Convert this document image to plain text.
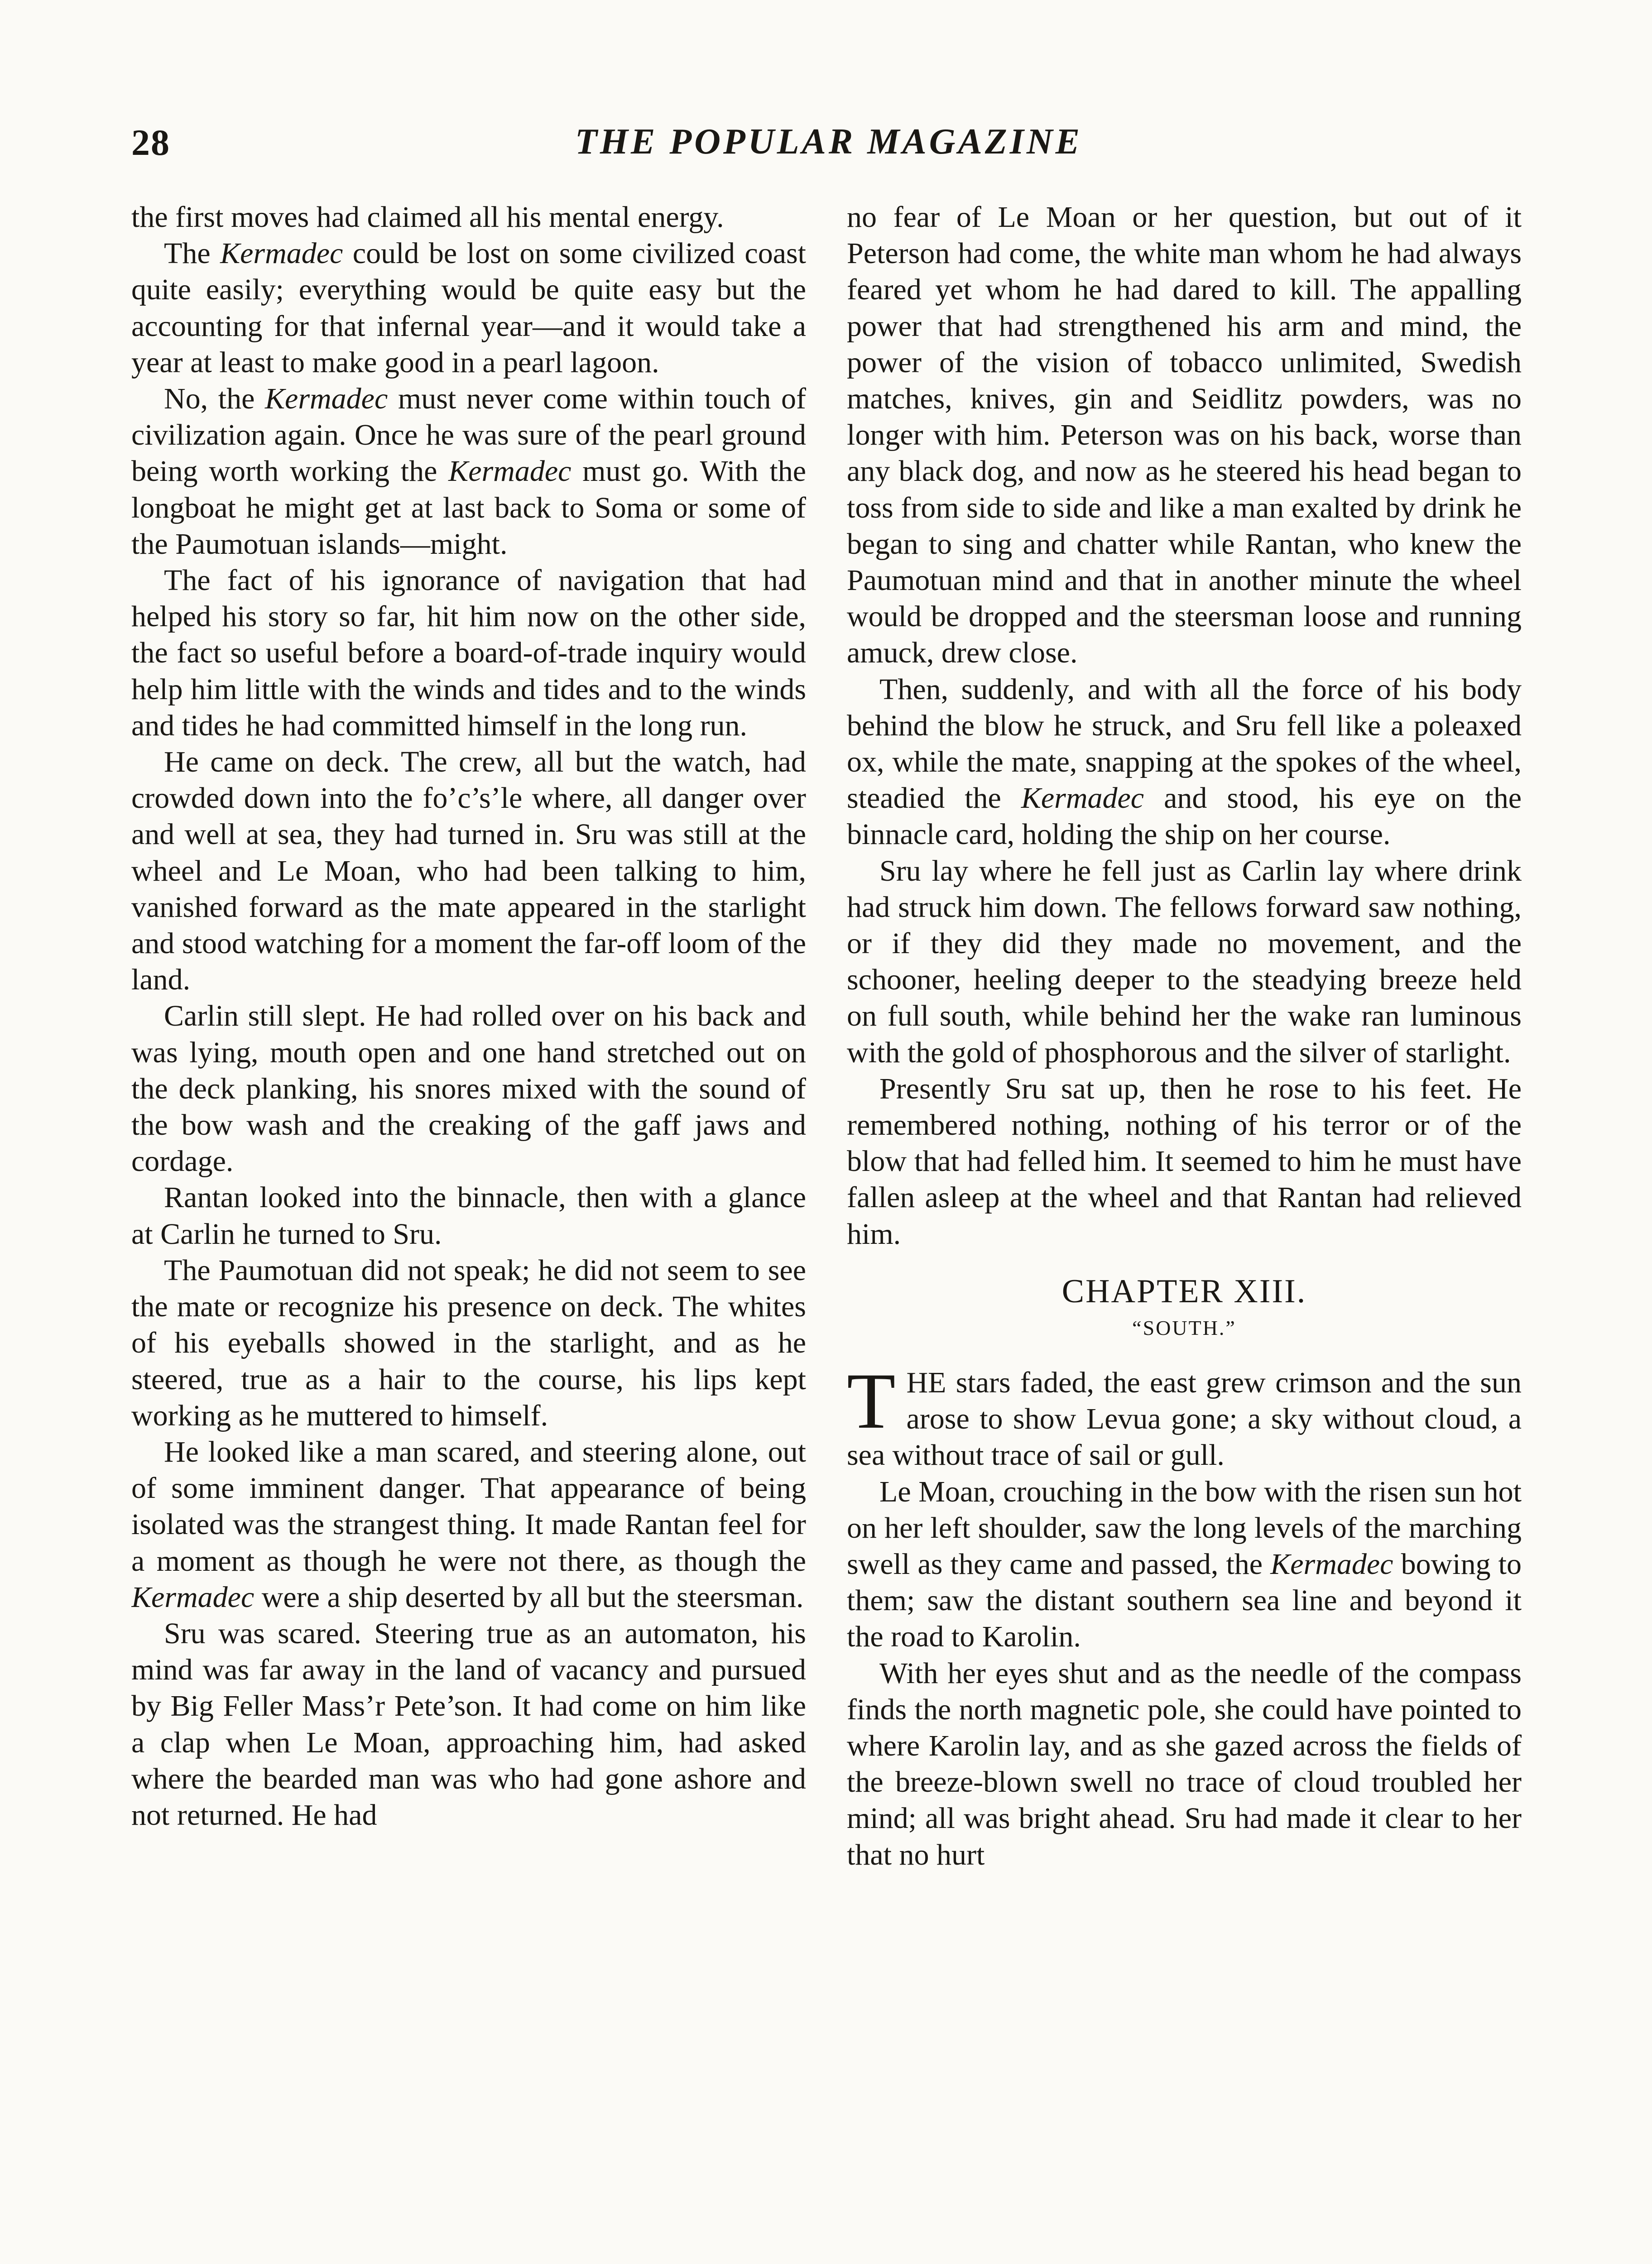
28	THE POPULAR MAGAZINE

the first moves had claimed all his mental energy.

The Kermadec could be lost on some civilized coast quite easily; everything would be quite easy but the accounting for that infernal year—and it would take a year at least to make good in a pearl lagoon.

No, the Kermadec must never come within touch of civilization again. Once he was sure of the pearl ground being worth working the Kermadec must go. With the longboat he might get at last back to Soma or some of the Paumotuan islands—might.

The fact of his ignorance of navigation that had helped his story so far, hit him now on the other side, the fact so useful before a board-of-trade inquiry would help him little with the winds and tides and to the winds and tides he had committed himself in the long run.

He came on deck. The crew, all but the watch, had crowded down into the fo’c’s’le where, all danger over and well at sea, they had turned in. Sru was still at the wheel and Le Moan, who had been talking to him, vanished forward as the mate appeared in the starlight and stood watching for a moment the far-off loom of the land.

Carlin still slept. He had rolled over on his back and was lying, mouth open and one hand stretched out on the deck planking, his snores mixed with the sound of the bow wash and the creaking of the gaff jaws and cordage.

Rantan looked into the binnacle, then with a glance at Carlin he turned to Sru.

The Paumotuan did not speak; he did not seem to see the mate or recognize his presence on deck. The whites of his eyeballs showed in the starlight, and as he steered, true as a hair to the course, his lips kept working as he muttered to himself.

He looked like a man scared, and steering alone, out of some imminent danger. That appearance of being isolated was the strangest thing. It made Rantan feel for a moment as though he were not there, as though the Kermadec were a ship deserted by all but the steersman.

Sru was scared. Steering true as an automaton, his mind was far away in the land of vacancy and pursued by Big Feller Mass’r Pete’son. It had come on him like a clap when Le Moan, approaching him, had asked where the bearded man was who had gone ashore and not returned. He had

no fear of Le Moan or her question, but out of it Peterson had come, the white man whom he had always feared yet whom he had dared to kill. The appalling power that had strengthened his arm and mind, the power of the vision of tobacco unlimited, Swedish matches, knives, gin and Seidlitz powders, was no longer with him. Peterson was on his back, worse than any black dog, and now as he steered his head began to toss from side to side and like a man exalted by drink he began to sing and chatter while Rantan, who knew the Paumotuan mind and that in another minute the wheel would be dropped and the steersman loose and running amuck, drew close.

Then, suddenly, and with all the force of his body behind the blow he struck, and Sru fell like a poleaxed ox, while the mate, snapping at the spokes of the wheel, steadied the Kermadec and stood, his eye on the binnacle card, holding the ship on her course.

Sru lay where he fell just as Carlin lay where drink had struck him down. The fellows forward saw nothing, or if they did they made no movement, and the schooner, heeling deeper to the steadying breeze held on full south, while behind her the wake ran luminous with the gold of phosphorous and the silver of starlight.

Presently Sru sat up, then he rose to his feet. He remembered nothing, nothing of his terror or of the blow that had felled him. It seemed to him he must have fallen asleep at the wheel and that Rantan had relieved him.

CHAPTER XIII.
“SOUTH.”

THE stars faded, the east grew crimson and the sun arose to show Levua gone; a sky without cloud, a sea without trace of sail or gull.

Le Moan, crouching in the bow with the risen sun hot on her left shoulder, saw the long levels of the marching swell as they came and passed, the Kermadec bowing to them; saw the distant southern sea line and beyond it the road to Karolin.

With her eyes shut and as the needle of the compass finds the north magnetic pole, she could have pointed to where Karolin lay, and as she gazed across the fields of the breeze-blown swell no trace of cloud troubled her mind; all was bright ahead. Sru had made it clear to her that no hurt
